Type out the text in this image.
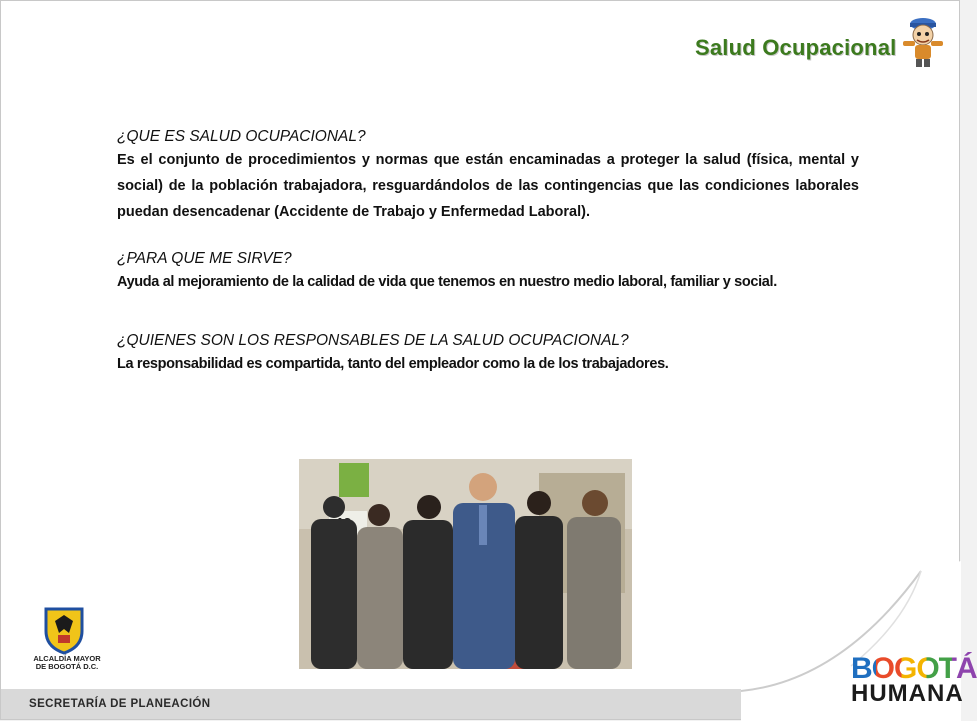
Salud Ocupacional

¿QUE ES SALUD OCUPACIONAL?

Es el conjunto de procedimientos y normas que están encaminadas a proteger la salud (física, mental y social) de la población trabajadora, resguardándolos de las contingencias que las condiciones laborales puedan desencadenar (Accidente de Trabajo y Enfermedad Laboral).

¿PARA QUE ME SIRVE?

Ayuda al mejoramiento de la calidad de vida que tenemos en nuestro medio laboral, familiar y social.

¿QUIENES SON LOS RESPONSABLES DE LA SALUD OCUPACIONAL?

La responsabilidad es compartida, tanto del empleador como la de los trabajadores.

SECRETARÍA DE PLANEACIÓN
ALCALDÍA MAYOR
DE BOGOTÁ D.C.	BOGOTÁ
HUMANA
